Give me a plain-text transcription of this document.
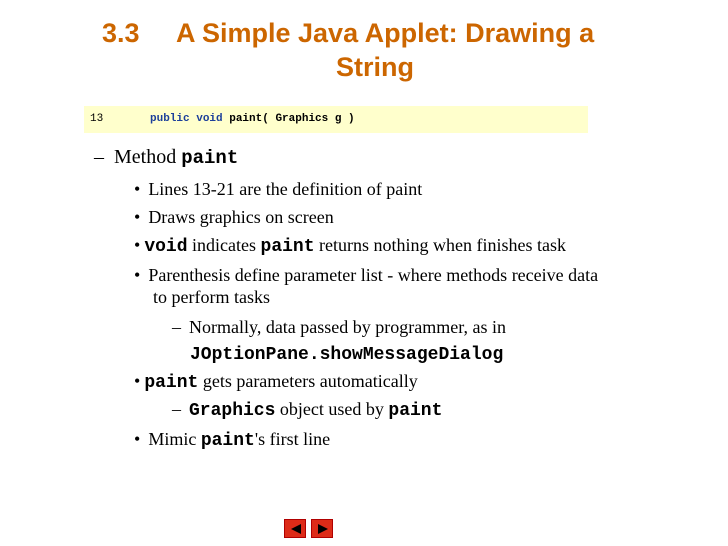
3.3 A Simple Java Applet: Drawing a
String
13	public void paint( Graphics g )
– Method paint
• Lines 13-21 are the definition of paint
• Draws graphics on screen
• void indicates paint returns nothing when finishes task
• Parenthesis define parameter list - where methods receive data
to perform tasks
– Normally, data passed by programmer, as in
JOptionPane.showMessageDialog
• paint gets parameters automatically
– Graphics object used by paint
• Mimic paint's first line
